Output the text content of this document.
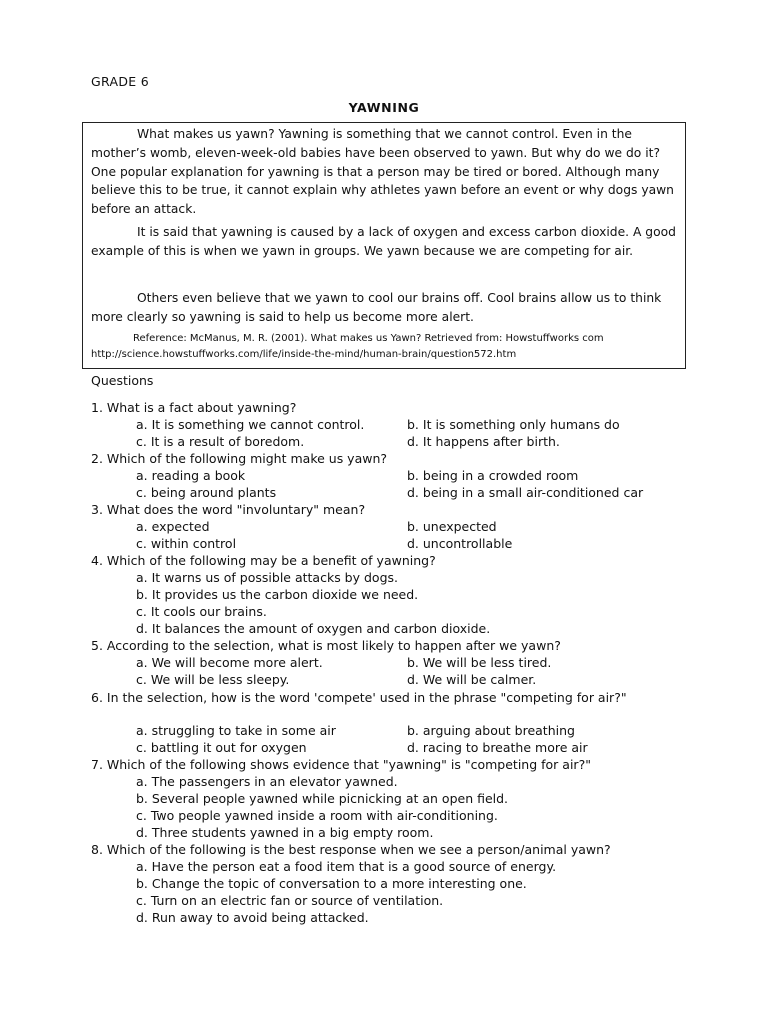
GRADE 6
YAWNING

What makes us yawn? Yawning is something that we cannot control. Even in the mother’s womb, eleven-week-old babies have been observed to yawn. But why do we do it? One popular explanation for yawning is that a person may be tired or bored. Although many believe this to be true, it cannot explain why athletes yawn before an event or why dogs yawn before an attack.

It is said that yawning is caused by a lack of oxygen and excess carbon dioxide. A good example of this is when we yawn in groups. We yawn because we are competing for air.

Others even believe that we yawn to cool our brains off. Cool brains allow us to think more clearly so yawning is said to help us become more alert.

Reference: McManus, M. R. (2001). What makes us Yawn? Retrieved from: Howstuffworks com http://science.howstuffworks.com/life/inside-the-mind/human-brain/question572.htm

Questions
1. What is a fact about yawning?
a. It is something we cannot control.	b. It is something only humans do
c. It is a result of boredom.	d. It happens after birth.
2. Which of the following might make us yawn?
a. reading a book	b. being in a crowded room
c. being around plants	d. being in a small air-conditioned car
3. What does the word "involuntary" mean?
a. expected	b. unexpected
c. within control	d. uncontrollable
4. Which of the following may be a benefit of yawning?
a. It warns us of possible attacks by dogs.
b. It provides us the carbon dioxide we need.
c. It cools our brains.
d. It balances the amount of oxygen and carbon dioxide.
5. According to the selection, what is most likely to happen after we yawn?
a. We will become more alert.	b. We will be less tired.
c. We will be less sleepy.	d. We will be calmer.
6. In the selection, how is the word 'compete' used in the phrase "competing for air?"
a. struggling to take in some air	b. arguing about breathing
c. battling it out for oxygen	d. racing to breathe more air
7. Which of the following shows evidence that "yawning" is "competing for air?"
a. The passengers in an elevator yawned.
b. Several people yawned while picnicking at an open field.
c. Two people yawned inside a room with air-conditioning.
d. Three students yawned in a big empty room.
8. Which of the following is the best response when we see a person/animal yawn?
a. Have the person eat a food item that is a good source of energy.
b. Change the topic of conversation to a more interesting one.
c. Turn on an electric fan or source of ventilation.
d. Run away to avoid being attacked.
